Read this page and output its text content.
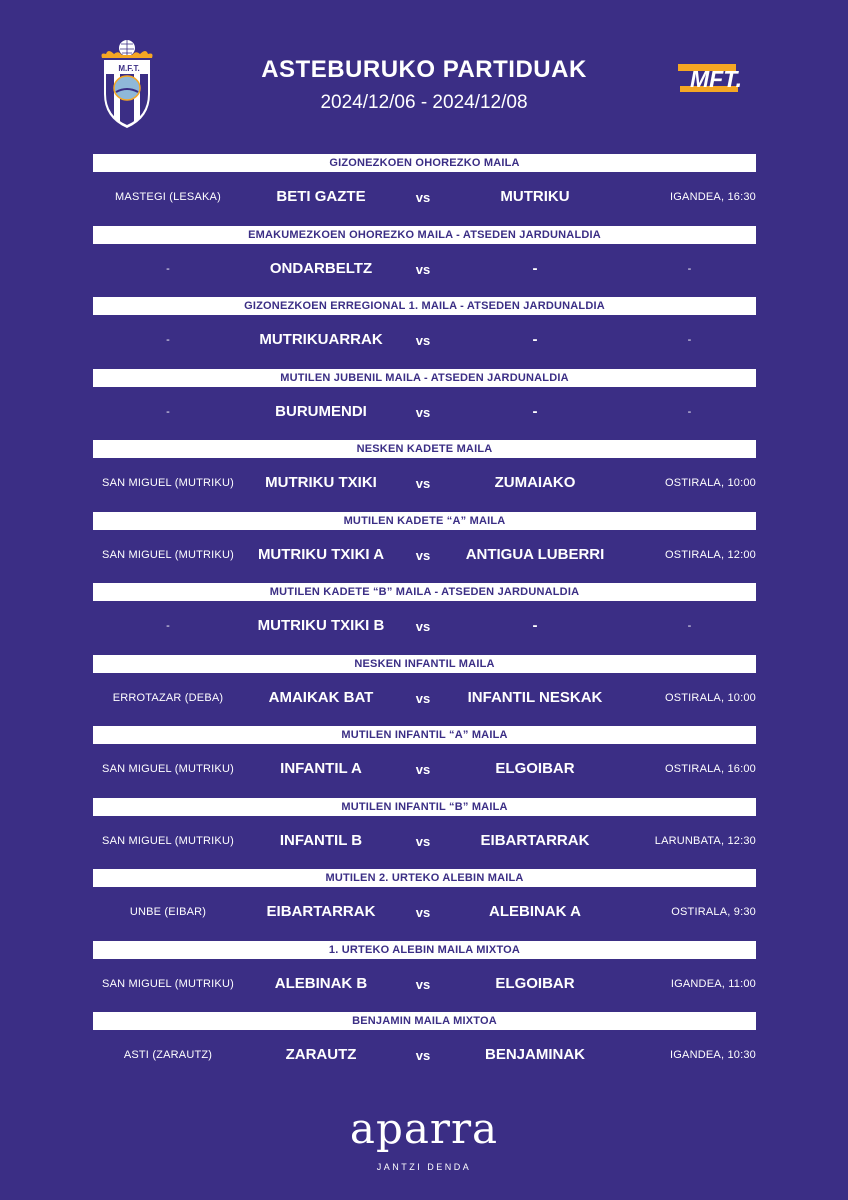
M.F.T.	ASTEBURUKO PARTIDUAK
2024/12/06 - 2024/12/08
MFT.
GIZONEZKOEN OHOREZKO MAILA
MASTEGI (LESAKA)	BETI GAZTE	vs	MUTRIKU	IGANDEA, 16:30
EMAKUMEZKOEN OHOREZKO MAILA - ATSEDEN JARDUNALDIA
-	ONDARBELTZ	vs	-	-
GIZONEZKOEN ERREGIONAL 1. MAILA - ATSEDEN JARDUNALDIA
-	MUTRIKUARRAK	vs	-	-
MUTILEN JUBENIL MAILA - ATSEDEN JARDUNALDIA
-	BURUMENDI	vs	-	-
NESKEN KADETE MAILA
SAN MIGUEL (MUTRIKU)	MUTRIKU TXIKI	vs	ZUMAIAKO	OSTIRALA, 10:00
MUTILEN KADETE “A” MAILA
SAN MIGUEL (MUTRIKU)	MUTRIKU TXIKI A	vs	ANTIGUA LUBERRI	OSTIRALA, 12:00
MUTILEN KADETE “B” MAILA - ATSEDEN JARDUNALDIA
-	MUTRIKU TXIKI B	vs	-	-
NESKEN INFANTIL MAILA
ERROTAZAR (DEBA)	AMAIKAK BAT	vs	INFANTIL NESKAK	OSTIRALA, 10:00
MUTILEN INFANTIL “A” MAILA
SAN MIGUEL (MUTRIKU)	INFANTIL A	vs	ELGOIBAR	OSTIRALA, 16:00
MUTILEN INFANTIL “B” MAILA
SAN MIGUEL (MUTRIKU)	INFANTIL B	vs	EIBARTARRAK	LARUNBATA, 12:30
MUTILEN 2. URTEKO ALEBIN MAILA
UNBE (EIBAR)	EIBARTARRAK	vs	ALEBINAK A	OSTIRALA, 9:30
1. URTEKO ALEBIN MAILA MIXTOA
SAN MIGUEL (MUTRIKU)	ALEBINAK B	vs	ELGOIBAR	IGANDEA, 11:00
BENJAMIN MAILA MIXTOA
ASTI (ZARAUTZ)	ZARAUTZ	vs	BENJAMINAK	IGANDEA, 10:30
aparra
JANTZI DENDA
